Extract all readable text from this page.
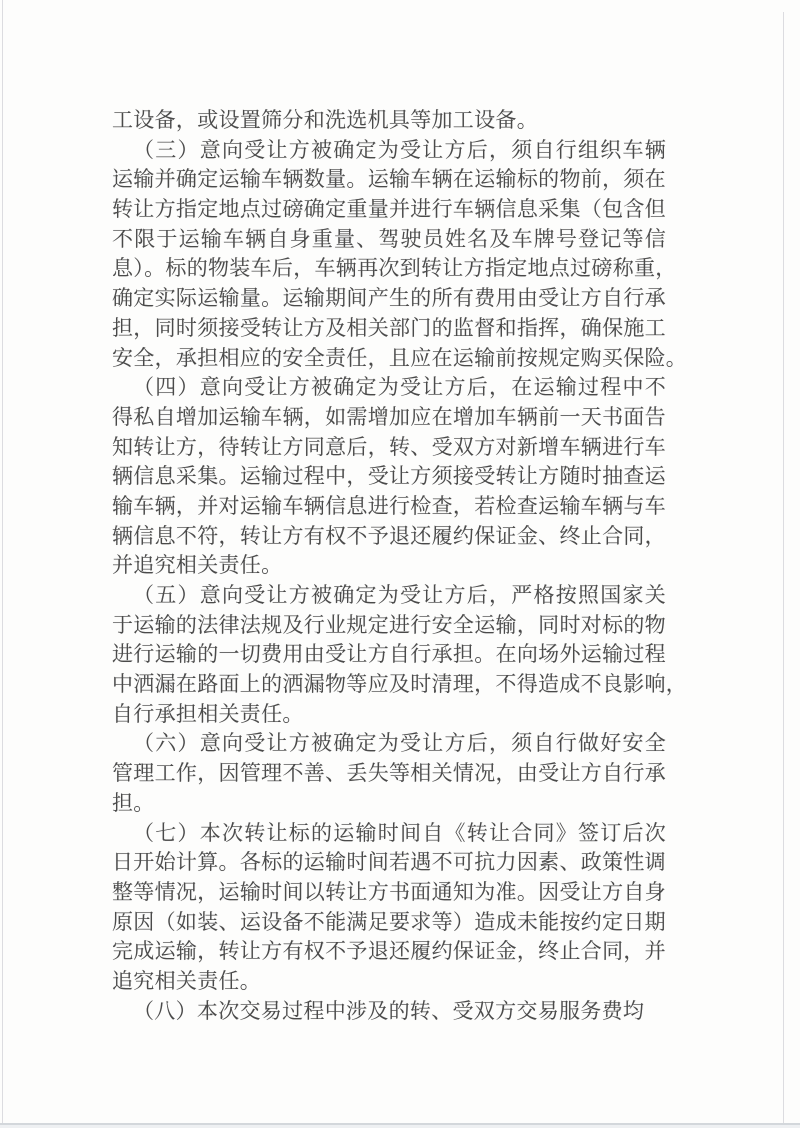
工设备，或设置筛分和洗选机具等加工设备。
（三）意向受让方被确定为受让方后，须自行组织车辆
运输并确定运输车辆数量。运输车辆在运输标的物前，须在
转让方指定地点过磅确定重量并进行车辆信息采集（包含但
不限于运输车辆自身重量、驾驶员姓名及车牌号登记等信
息）。标的物装车后，车辆再次到转让方指定地点过磅称重，
确定实际运输量。运输期间产生的所有费用由受让方自行承
担，同时须接受转让方及相关部门的监督和指挥，确保施工
安全，承担相应的安全责任，且应在运输前按规定购买保险。
（四）意向受让方被确定为受让方后，在运输过程中不
得私自增加运输车辆，如需增加应在增加车辆前一天书面告
知转让方，待转让方同意后，转、受双方对新增车辆进行车
辆信息采集。运输过程中，受让方须接受转让方随时抽查运
输车辆，并对运输车辆信息进行检查，若检查运输车辆与车
辆信息不符，转让方有权不予退还履约保证金、终止合同，
并追究相关责任。
（五）意向受让方被确定为受让方后，严格按照国家关
于运输的法律法规及行业规定进行安全运输，同时对标的物
进行运输的一切费用由受让方自行承担。在向场外运输过程
中洒漏在路面上的洒漏物等应及时清理，不得造成不良影响，
自行承担相关责任。
（六）意向受让方被确定为受让方后，须自行做好安全
管理工作，因管理不善、丢失等相关情况，由受让方自行承
担。
（七）本次转让标的运输时间自《转让合同》签订后次
日开始计算。各标的运输时间若遇不可抗力因素、政策性调
整等情况，运输时间以转让方书面通知为准。因受让方自身
原因（如装、运设备不能满足要求等）造成未能按约定日期
完成运输，转让方有权不予退还履约保证金，终止合同，并
追究相关责任。
（八）本次交易过程中涉及的转、受双方交易服务费均
